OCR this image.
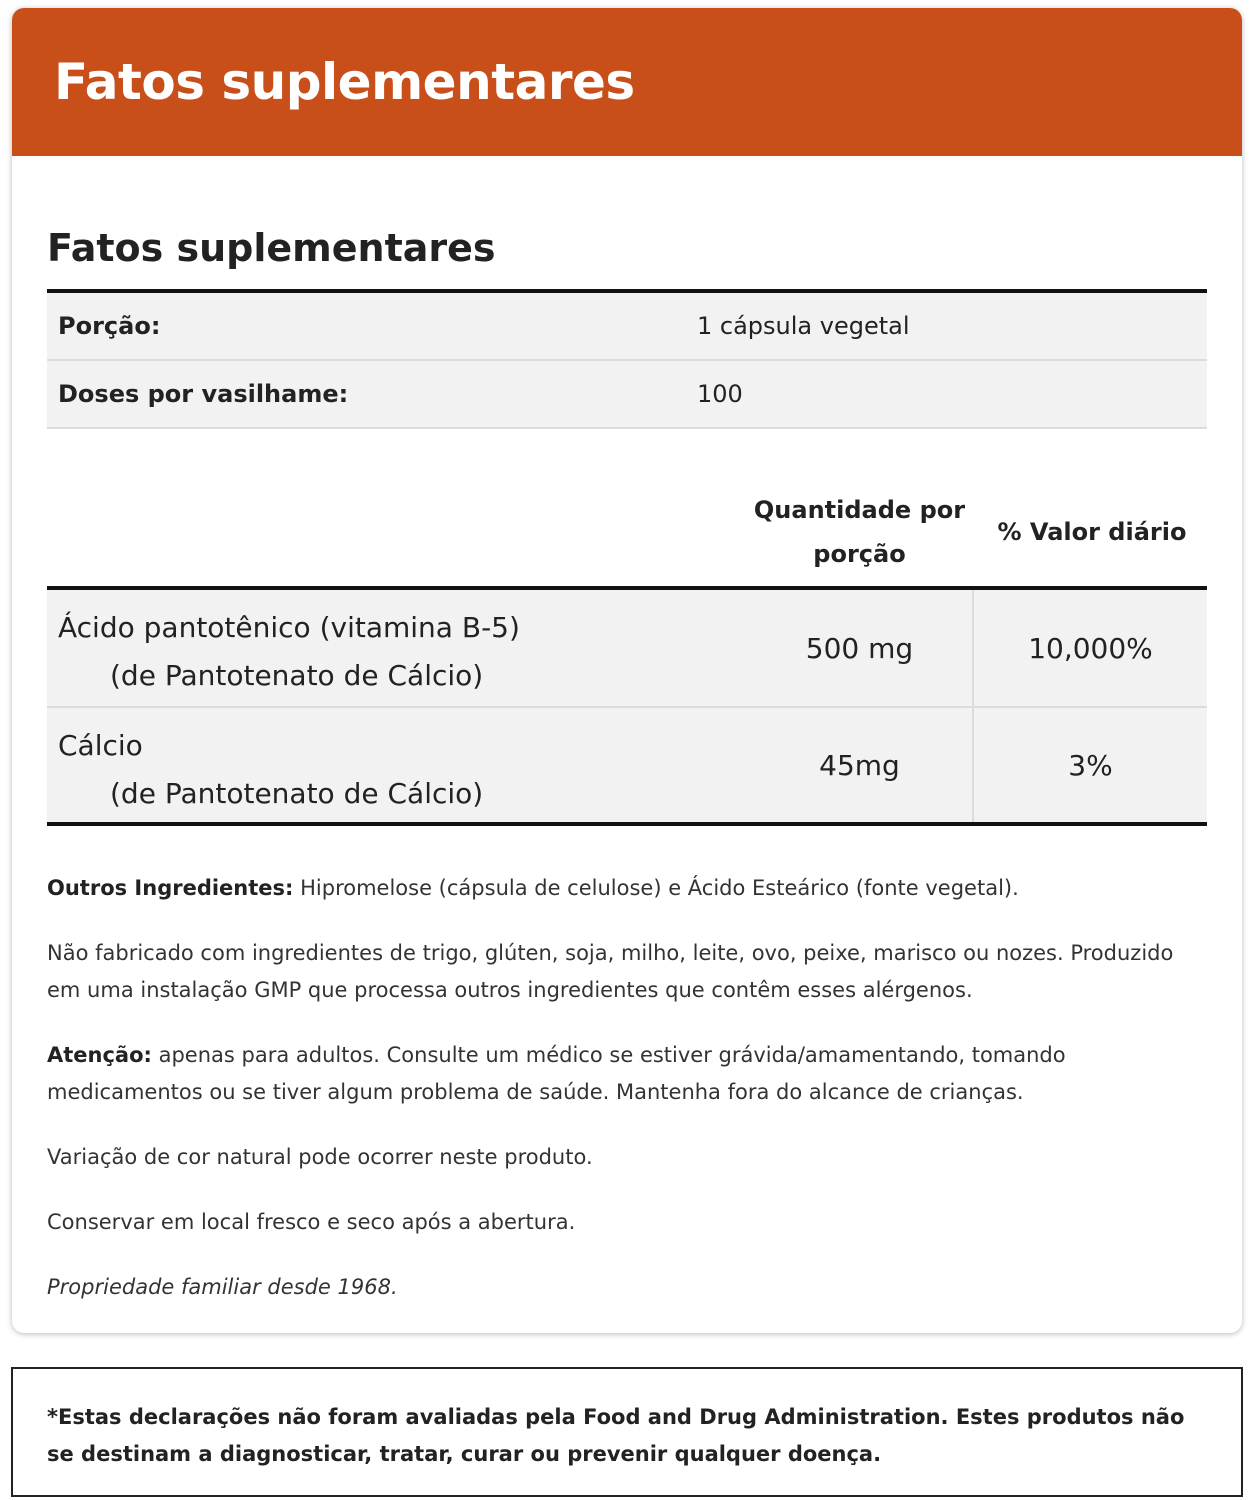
Fatos suplementares
Fatos suplementares
Porção:	1 cápsula vegetal
Doses por vasilhame:	100
Quantidade por
porção
% Valor diário
Ácido pantotênico (vitamina B-5)
(de Pantotenato de Cálcio)
500 mg	10,000%
Cálcio
(de Pantotenato de Cálcio)
45mg	3%

Outros Ingredientes: Hipromelose (cápsula de celulose) e Ácido Esteárico (fonte vegetal).

Não fabricado com ingredientes de trigo, glúten, soja, milho, leite, ovo, peixe, marisco ou nozes. Produzido em uma instalação GMP que processa outros ingredientes que contêm esses alérgenos.

Atenção: apenas para adultos. Consulte um médico se estiver grávida/amamentando, tomando medicamentos ou se tiver algum problema de saúde. Mantenha fora do alcance de crianças.

Variação de cor natural pode ocorrer neste produto.

Conservar em local fresco e seco após a abertura.

Propriedade familiar desde 1968.

*Estas declarações não foram avaliadas pela Food and Drug Administration. Estes produtos não se destinam a diagnosticar, tratar, curar ou prevenir qualquer doença.
